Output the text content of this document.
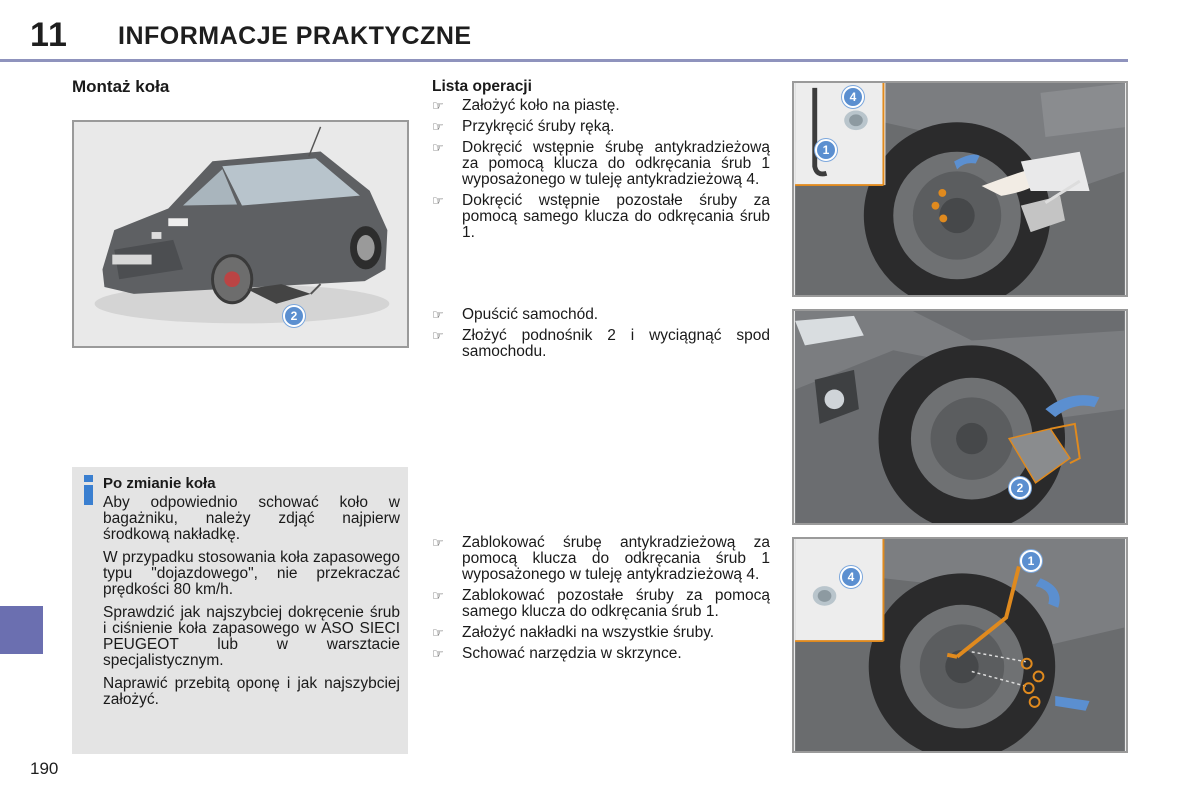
11 INFORMACJE PRAKTYCZNE
Montaż koła
2
Lista operacji
☞	Założyć koło na piastę.
☞	Przykręcić śruby ręką.
☞	Dokręcić wstępnie śrubę antykradzieżową za pomocą klucza do odkręcania śrub 1 wyposażonego w tuleję antykradzieżową 4.
☞	Dokręcić wstępnie pozostałe śruby za pomocą samego klucza do odkręcania śrub 1.
☞	Opuścić samochód.
☞	Złożyć podnośnik 2 i wyciągnąć spod samochodu.
☞	Zablokować śrubę antykradzieżową za pomocą klucza do odkręcania śrub 1 wyposażonego w tuleję antykradzieżową 4.
☞	Zablokować pozostałe śruby za pomocą samego klucza do odkręcania śrub 1.
☞	Założyć nakładki na wszystkie śruby.
☞	Schować narzędzia w skrzynce.
Po zmianie koła

Aby odpowiednio schować koło w bagażniku, należy zdjąć najpierw środkową nakładkę.

W przypadku stosowania koła zapasowego typu "dojazdowego", nie przekraczać prędkości 80 km/h.

Sprawdzić jak najszybciej dokręcenie śrub i ciśnienie koła zapasowego w ASO SIECI PEUGEOT lub w warsztacie specjalistycznym.

Naprawić przebitą oponę i jak najszybciej założyć.

4
1
2
1
4
190
